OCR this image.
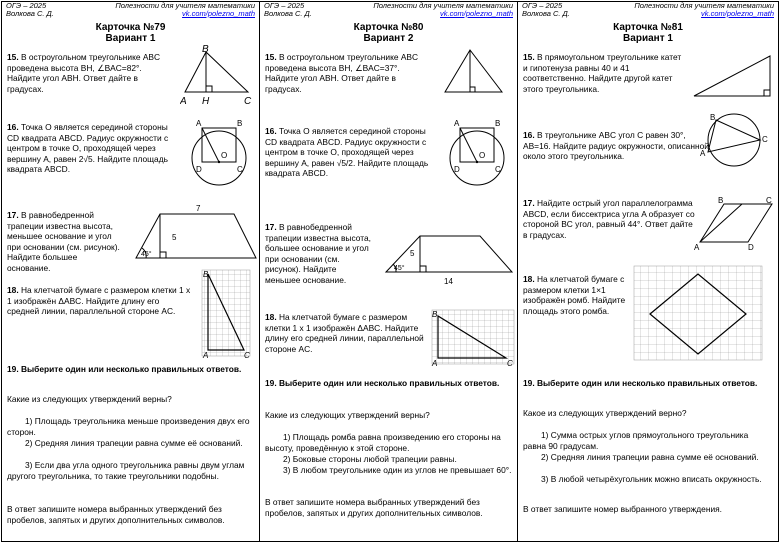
ОГЭ – 2025 Волкова С. Д.
Полезности для учителя математики
vk.com/polezno_math
Карточка №79
Вариант 1
15. В остроугольном треугольнике ABC проведена высота BH, ∠BAC=82°. Найдите угол ABH. Ответ дайте в градусах.
B
A H	C
16. Точка O является серединой стороны CD квадрата ABCD. Радиус окружности с центром в точке O, проходящей через вершину A, равен 2√5. Найдите площадь квадрата ABCD.
A	B
O
D	C
17. В равнобедренной трапеции известна высота, меньшее основание и угол при основании (см. рисунок). Найдите большее основание.
7
5
45°
18. На клетчатой бумаге с размером клетки 1 x 1 изображён ΔABC. Найдите длину его средней линии, параллельной стороне AC.
B
A	C
19. Выберите один или несколько правильных ответов.
Какие из следующих утверждений верны?
1) Площадь треугольника меньше произведения двух его сторон.
2) Средняя линия трапеции равна сумме её оснований.
3) Если два угла одного треугольника равны двум углам другого треугольника, то такие треугольники подобны.
В ответ запишите номера выбранных утверждений без пробелов, запятых и других дополнительных символов.
ОГЭ – 2025 Волкова С. Д.
Полезности для учителя математики
vk.com/polezno_math
Карточка №80
Вариант 2
15. В остроугольном треугольнике ABC проведена высота BH, ∠BAC=37°. Найдите угол ABH. Ответ дайте в градусах.
16. Точка O является серединой стороны CD квадрата ABCD. Радиус окружности с центром в точке O, проходящей через вершину A, равен √5/2. Найдите площадь квадрата ABCD.
A	B
O
D	C
17. В равнобедренной трапеции известна высота, большее основание и угол при основании (см. рисунок). Найдите меньшее основание.
5
45°
14
18. На клетчатой бумаге с размером клетки 1 x 1 изображён ΔABC. Найдите длину его средней линии, параллельной стороне AC.
B
A	C
19. Выберите один или несколько правильных ответов.
Какие из следующих утверждений верны?
1) Площадь ромба равна произведению его стороны на высоту, проведённую к этой стороне.
2) Боковые стороны любой трапеции равны.
3) В любом треугольнике один из углов не превышает 60°.
В ответ запишите номера выбранных утверждений без пробелов, запятых и других дополнительных символов.
ОГЭ – 2025 Волкова С. Д.
Полезности для учителя математики
vk.com/polezno_math
Карточка №81
Вариант 1
15. В прямоугольном треугольнике катет и гипотенуза равны 40 и 41 соответственно. Найдите другой катет этого треугольника.
16. В треугольнике ABC угол C равен 30°, AB=16. Найдите радиус окружности, описанной около этого треугольника.
B
A
C
17. Найдите острый угол параллелограмма ABCD, если биссектриса угла A образует со стороной BC угол, равный 44°. Ответ дайте в градусах.
B	C
A	D
18. На клетчатой бумаге с размером клетки 1×1 изображён ромб. Найдите площадь этого ромба.
19. Выберите один или несколько правильных ответов.
Какое из следующих утверждений верно?
1) Сумма острых углов прямоугольного треугольника равна 90 градусам.
2) Средняя линия трапеции равна сумме её оснований.
3) В любой четырёхугольник можно вписать окружность.
В ответ запишите номер выбранного утверждения.
